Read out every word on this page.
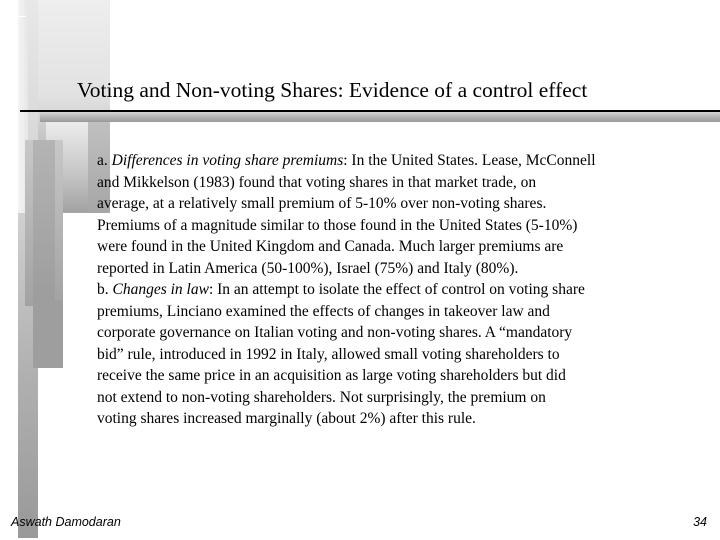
Voting and Non-voting Shares: Evidence of a control effect

a. Differences in voting share premiums: In the United States. Lease, McConnell
and Mikkelson (1983) found that voting shares in that market trade, on
average, at a relatively small premium of 5-10% over non-voting shares.
Premiums of a magnitude similar to those found in the United States (5-10%)
were found in the United Kingdom and Canada. Much larger premiums are
reported in Latin America (50-100%), Israel (75%) and Italy (80%).

b. Changes in law: In an attempt to isolate the effect of control on voting share
premiums, Linciano examined the effects of changes in takeover law and
corporate governance on Italian voting and non-voting shares. A “mandatory
bid” rule, introduced in 1992 in Italy, allowed small voting shareholders to
receive the same price in an acquisition as large voting shareholders but did
not extend to non-voting shareholders. Not surprisingly, the premium on
voting shares increased marginally (about 2%) after this rule.

Aswath Damodaran	34
